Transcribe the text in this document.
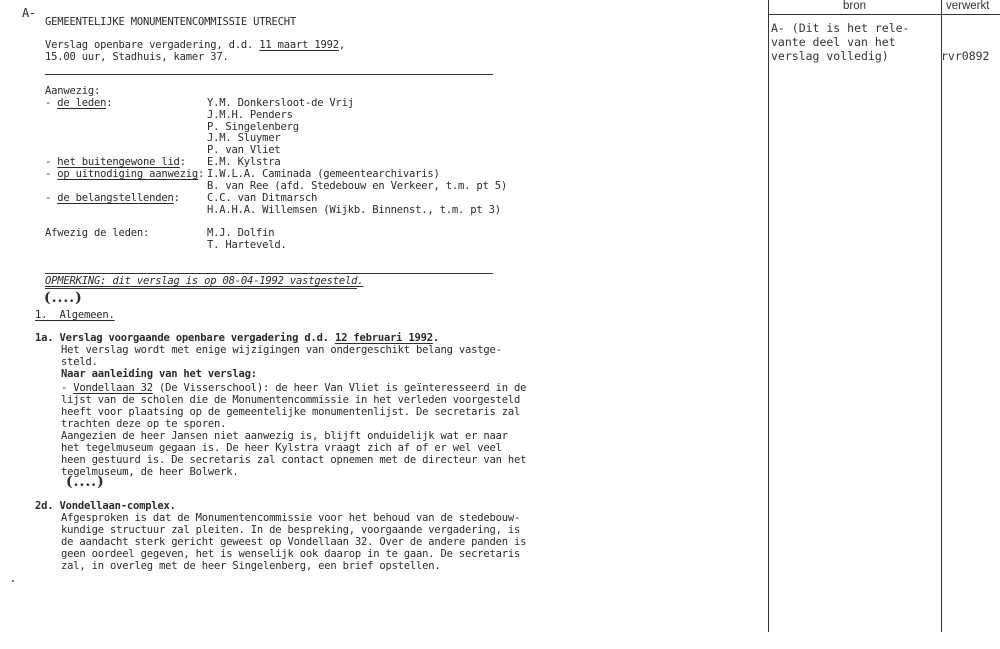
A-
GEMEENTELIJKE MONUMENTENCOMMISSIE UTRECHT
Verslag openbare vergadering, d.d. 11 maart 1992,
15.00 uur, Stadhuis, kamer 37.
Aanwezig:
- de leden:	Y.M. Donkersloot-de Vrij
J.M.H. Penders
P. Singelenberg
J.M. Sluymer
P. van Vliet
- het buitengewone lid: E.M. Kylstra
- op uitnodiging aanwezig: I.W.L.A. Caminada (gemeentearchivaris)
B. van Ree (afd. Stedebouw en Verkeer, t.m. pt 5)
- de belangstellenden:	C.C. van Ditmarsch
H.A.H.A. Willemsen (Wijkb. Binnenst., t.m. pt 3)
Afwezig de leden:	M.J. Dolfin
T. Harteveld.
OPMERKING: dit verslag is op 08-04-1992 vastgesteld.
(....)
1.  Algemeen.
1a. Verslag voorgaande openbare vergadering d.d. 12 februari 1992.
Het verslag wordt met enige wijzigingen van ondergeschikt belang vastge-
steld.
Naar aanleiding van het verslag:
- Vondellaan 32 (De Visserschool): de heer Van Vliet is geïnteresseerd in de
lijst van de scholen die de Monumentencommissie in het verleden voorgesteld
heeft voor plaatsing op de gemeentelijke monumentenlijst. De secretaris zal
trachten deze op te sporen.
Aangezien de heer Jansen niet aanwezig is, blijft onduidelijk wat er naar
het tegelmuseum gegaan is. De heer Kylstra vraagt zich af of er wel veel
heen gestuurd is. De secretaris zal contact opnemen met de directeur van het
tegelmuseum, de heer Bolwerk.
(....)
2d. Vondellaan-complex.
Afgesproken is dat de Monumentencommissie voor het behoud van de stedebouw-
kundige structuur zal pleiten. In de bespreking, voorgaande vergadering, is
de aandacht sterk gericht geweest op Vondellaan 32. Over de andere panden is
geen oordeel gegeven, het is wenselijk ook daarop in te gaan. De secretaris
zal, in overleg met de heer Singelenberg, een brief opstellen.
bron	verwerkt
A- (Dit is het rele-
vante deel van het
verslag volledig)	rvr0892
